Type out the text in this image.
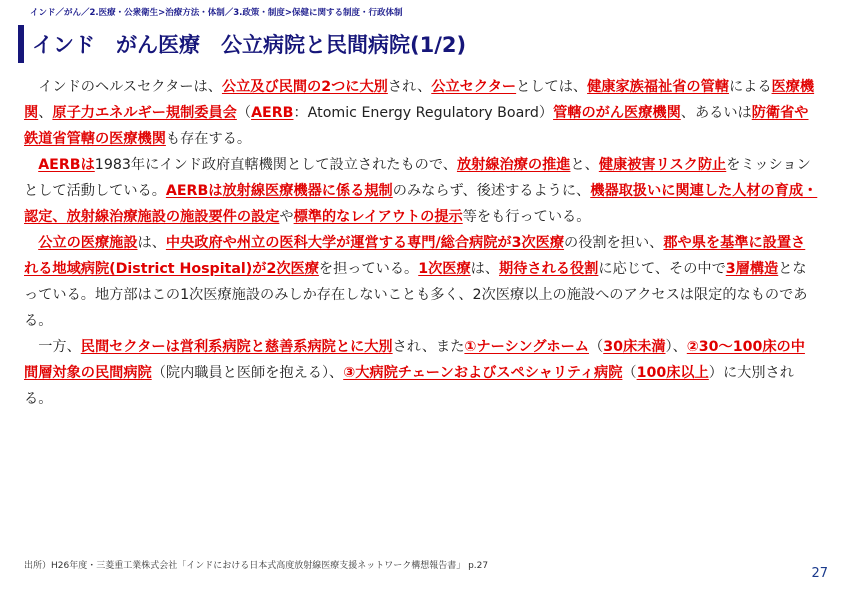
インド／がん／2.医療・公衆衛生>治療方法・体制／3.政策・制度>保健に関する制度・行政体制
インド　がん医療　公立病院と民間病院(1/2)

インドのヘルスセクターは、公立及び民間の2つに大別され、公立セクターとしては、健康家族福祉省の管轄による医療機関、原子力エネルギー規制委員会（AERB：Atomic Energy Regulatory Board）管轄のがん医療機関、あるいは防衛省や鉄道省管轄の医療機関も存在する。

AERBは1983年にインド政府直轄機関として設立されたもので、放射線治療の推進と、健康被害リスク防止をミッションとして活動している。AERBは放射線医療機器に係る規制のみならず、後述するように、機器取扱いに関連した人材の育成・認定、放射線治療施設の施設要件の設定や標準的なレイアウトの提示等をも行っている。

公立の医療施設は、中央政府や州立の医科大学が運営する専門/総合病院が3次医療の役割を担い、郡や県を基準に設置される地域病院(District Hospital)が2次医療を担っている。1次医療は、期待される役割に応じて、その中で3層構造となっている。地方部はこの1次医療施設のみしか存在しないことも多く、2次医療以上の施設へのアクセスは限定的なものである。

一方、民間セクターは営利系病院と慈善系病院とに大別され、また①ナーシングホーム（30床未満）、②30～100床の中間層対象の民間病院（院内職員と医師を抱える）、③大病院チェーンおよびスペシャリティ病院（100床以上）に大別される。

出所）H26年度・三菱重工業株式会社「インドにおける日本式高度放射線医療支援ネットワーク構想報告書」 p.27	27
